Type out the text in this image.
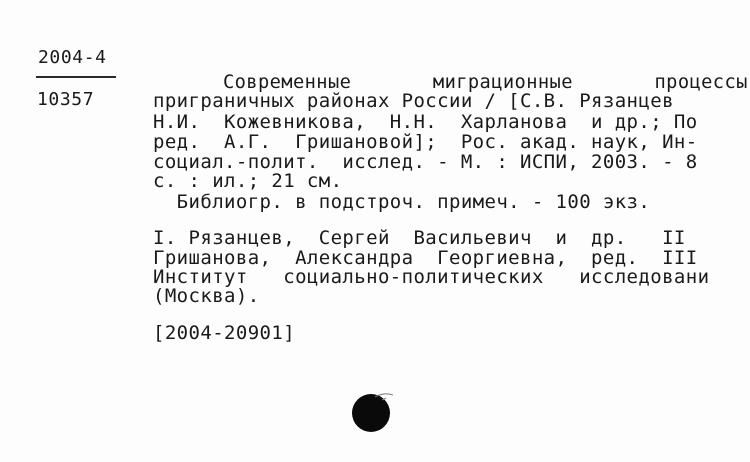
2004-4
10357
Современные       миграционные       процессы
приграничных районах России / [С.В. Рязанцев
Н.И.  Кожевникова,  Н.Н.  Харланова  и др.; По
ред.  А.Г.  Гришановой];  Рос. акад. наук, Ин-
социал.-полит.  исслед. - М. : ИСПИ, 2003. - 8
с. : ил.; 21 см.
Библиогр. в подстроч. примеч. - 100 экз.
I. Рязанцев,  Сергей  Васильевич  и  др.   II
Гришанова,  Александра  Георгиевна,  ред.  III
Институт   социально-политических   исследовани
(Москва).
[2004-20901]
